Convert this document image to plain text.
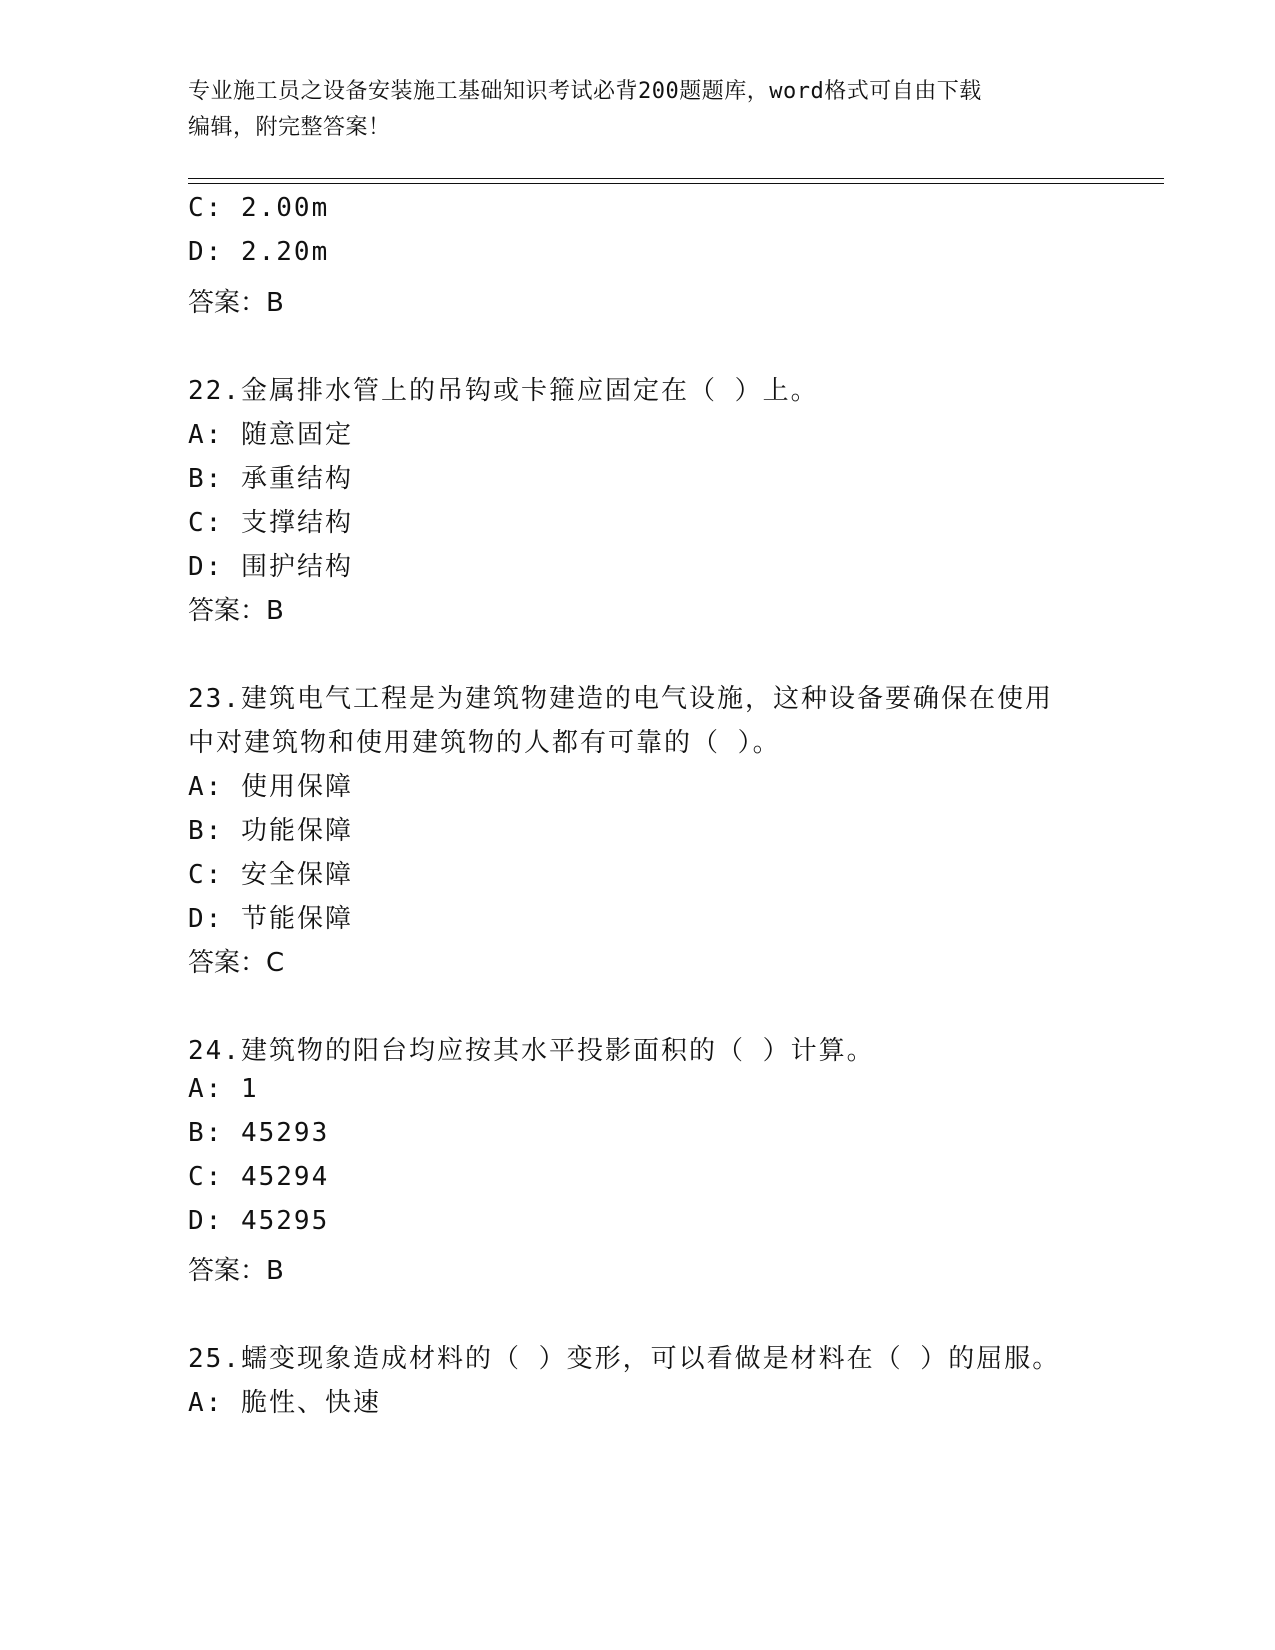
专业施工员之设备安装施工基础知识考试必背200题题库，word格式可自由下载
编辑，附完整答案！
C: 2.00m
D: 2.20m
答案：B
22.金属排水管上的吊钩或卡箍应固定在（ ）上。
A: 随意固定
B: 承重结构
C: 支撑结构
D: 围护结构
答案：B
23.建筑电气工程是为建筑物建造的电气设施，这种设备要确保在使用
中对建筑物和使用建筑物的人都有可靠的（ ）。
A: 使用保障
B: 功能保障
C: 安全保障
D: 节能保障
答案：C
24.建筑物的阳台均应按其水平投影面积的（ ）计算。
A: 1
B: 45293
C: 45294
D: 45295
答案：B
25.蠕变现象造成材料的（ ）变形，可以看做是材料在（ ）的屈服。
A: 脆性、快速
